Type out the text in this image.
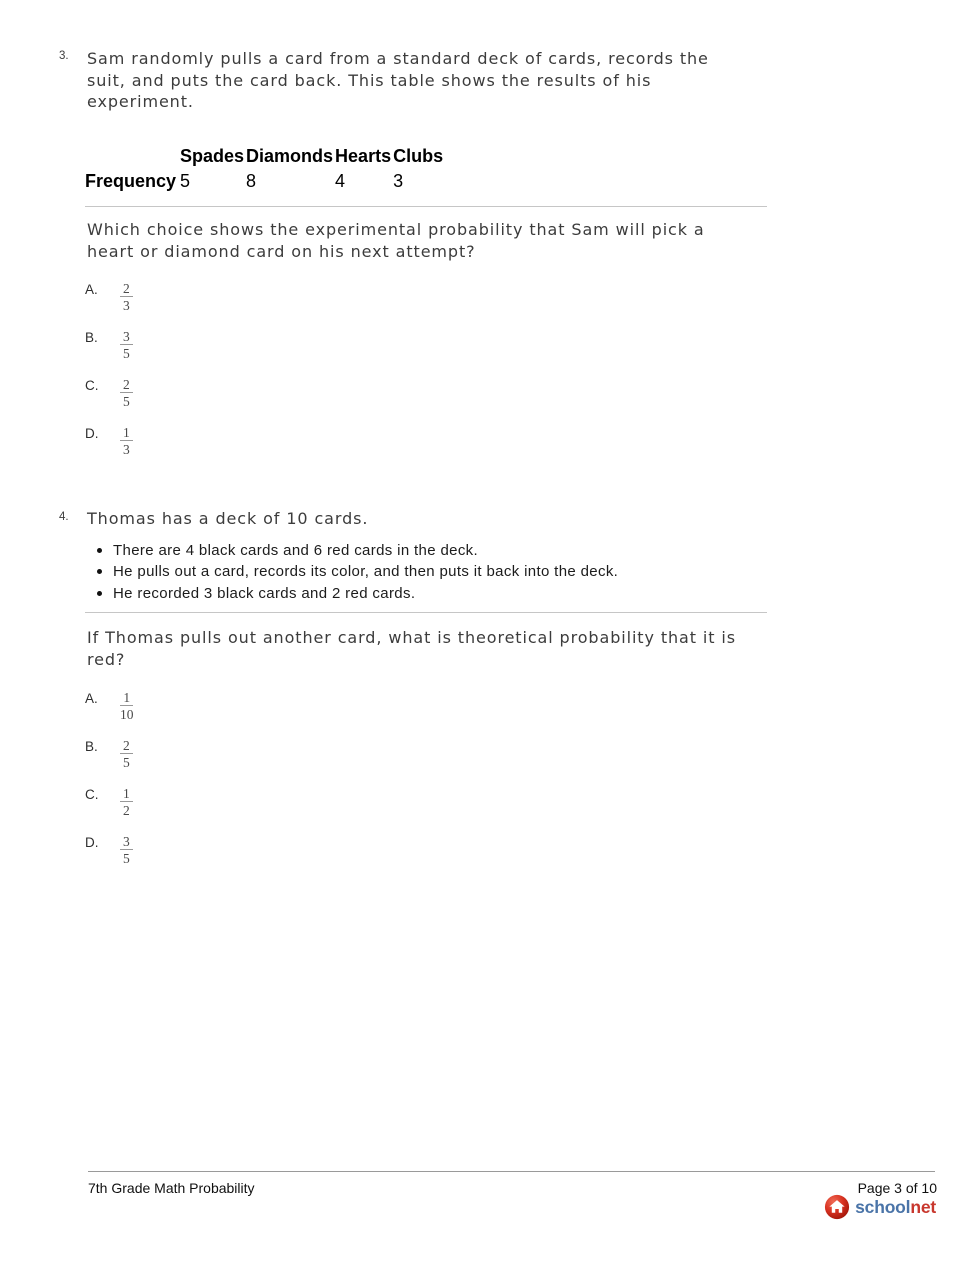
3. Sam randomly pulls a card from a standard deck of cards, records the
suit, and puts the card back. This table shows the results of his
experiment.
	Spades	Diamonds	Hearts	Clubs
Frequency	5	8	4	3
Which choice shows the experimental probability that Sam will pick a
heart or diamond card on his next attempt?
A.	$\frac{2}{3}$
B.	$\frac{3}{5}$
C.	$\frac{2}{5}$
D.	$\frac{1}{3}$
4. Thomas has a deck of 10 cards.
There are 4 black cards and 6 red cards in the deck.
He pulls out a card, records its color, and then puts it back into the deck.
He recorded 3 black cards and 2 red cards.
If Thomas pulls out another card, what is theoretical probability that it is
red?
A.	$\frac{1}{10}$
B.	$\frac{2}{5}$
C.	$\frac{1}{2}$
D.	$\frac{3}{5}$
7th Grade Math Probability	Page 3 of 10
schoolnet
